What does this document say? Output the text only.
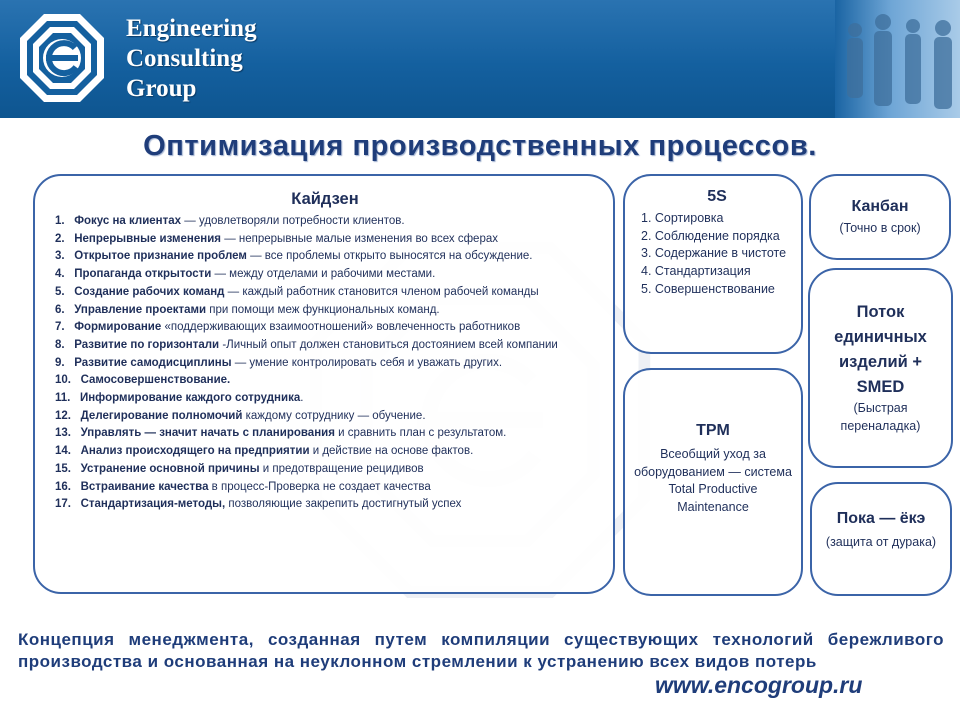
Engineering
Consulting
Group
Оптимизация производственных процессов.
Кайдзен
1. Фокус на клиентах — удовлетворяли потребности клиентов.
2. Непрерывные изменения — непрерывные малые изменения во всех сферах
3. Открытое признание проблем — все проблемы открыто выносятся на обсуждение.
4. Пропаганда открытости — между отделами и рабочими местами.
5. Создание рабочих команд — каждый работник становится членом рабочей команды
6. Управление проектами при помощи меж функциональных команд.
7. Формирование «поддерживающих взаимоотношений» вовлеченность работников
8. Развитие по горизонтали -Личный опыт должен становиться достоянием всей компании
9. Развитие самодисциплины — умение контролировать себя и уважать других.
10. Самосовершенствование.
11. Информирование каждого сотрудника.
12. Делегирование полномочий каждому сотруднику — обучение.
13. Управлять — значит начать с планирования и сравнить план с результатом.
14. Анализ происходящего на предприятии и действие на основе фактов.
15. Устранение основной причины и предотвращение рецидивов
16. Встраивание качества в процесс-Проверка не создает качества
17. Стандартизация-методы, позволяющие закрепить достигнутый успех
5S
1. Сортировка
2. Соблюдение порядка
3. Содержание в чистоте
4. Стандартизация
5. Совершенствование
Канбан
(Точно в срок)
Поток единичных изделий + SMED
(Быстрая переналадка)
TPM
Всеобщий уход за оборудованием — система Total Productive Maintenance
Пока — ёкэ
(защита от дурака)
Концепция менеджмента, созданная путем компиляции существующих технологий бережливого производства и основанная на неуклонном стремлении к устранению всех видов потерь
www.encogroup.ru
